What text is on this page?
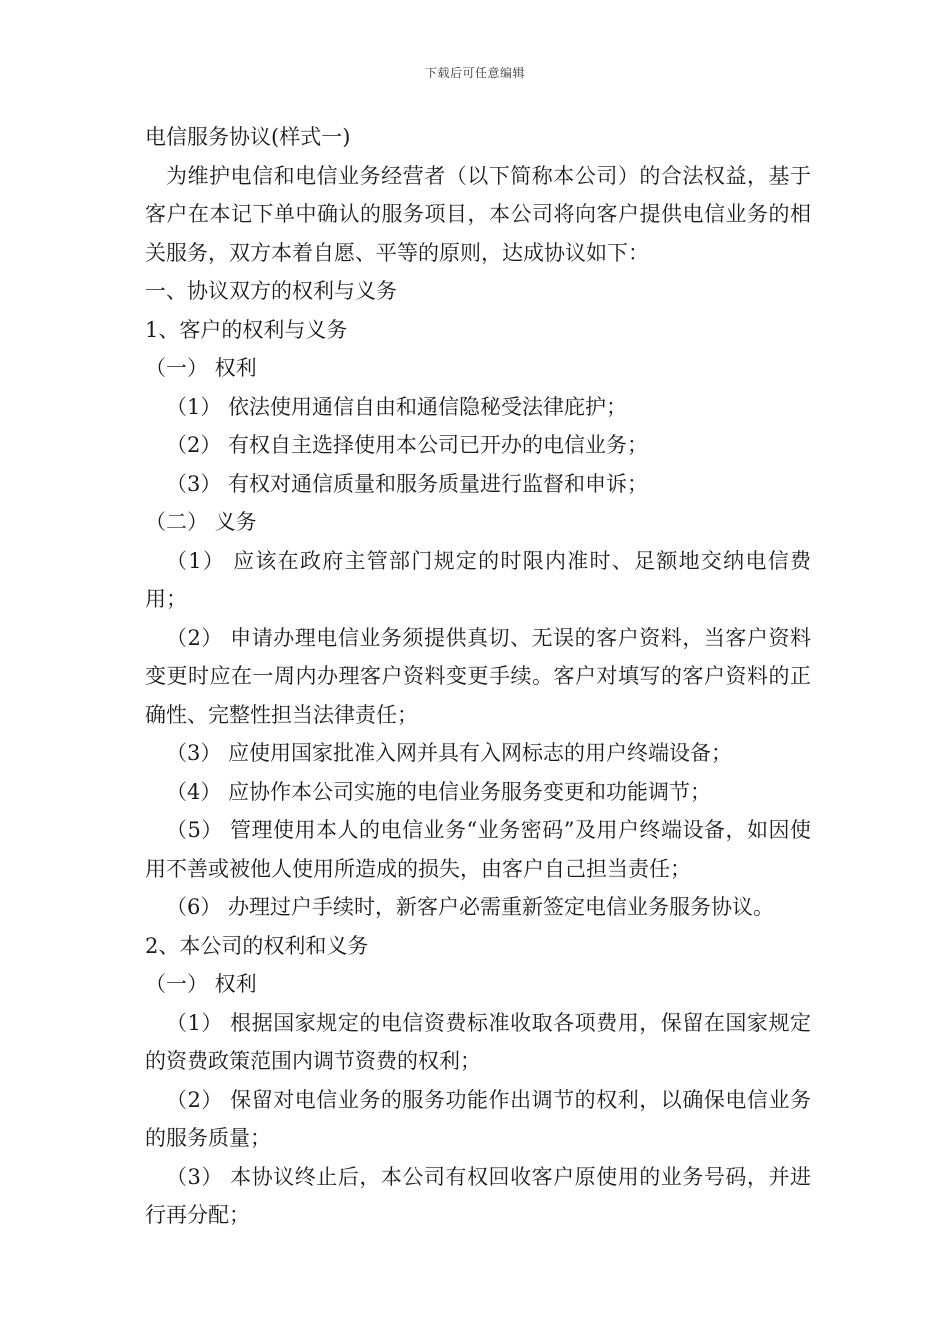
下载后可任意编辑

电信服务协议(样式一)

为维护电信和电信业务经营者（以下简称本公司）的合法权益，基于客户在本记下单中确认的服务项目，本公司将向客户提供电信业务的相关服务，双方本着自愿、平等的原则，达成协议如下：

一、协议双方的权利与义务

1、客户的权利与义务

（一） 权利

（1） 依法使用通信自由和通信隐秘受法律庇护；

（2） 有权自主选择使用本公司已开办的电信业务；

（3） 有权对通信质量和服务质量进行监督和申诉；

（二） 义务

（1） 应该在政府主管部门规定的时限内准时、足额地交纳电信费用；

（2） 申请办理电信业务须提供真切、无误的客户资料，当客户资料变更时应在一周内办理客户资料变更手续。客户对填写的客户资料的正确性、完整性担当法律责任；

（3） 应使用国家批准入网并具有入网标志的用户终端设备；

（4） 应协作本公司实施的电信业务服务变更和功能调节；

（5） 管理使用本人的电信业务“业务密码”及用户终端设备，如因使用不善或被他人使用所造成的损失，由客户自己担当责任；

（6） 办理过户手续时，新客户必需重新签定电信业务服务协议。

2、本公司的权利和义务

（一） 权利

（1） 根据国家规定的电信资费标准收取各项费用，保留在国家规定的资费政策范围内调节资费的权利；

（2） 保留对电信业务的服务功能作出调节的权利，以确保电信业务的服务质量；

（3） 本协议终止后，本公司有权回收客户原使用的业务号码，并进行再分配；
